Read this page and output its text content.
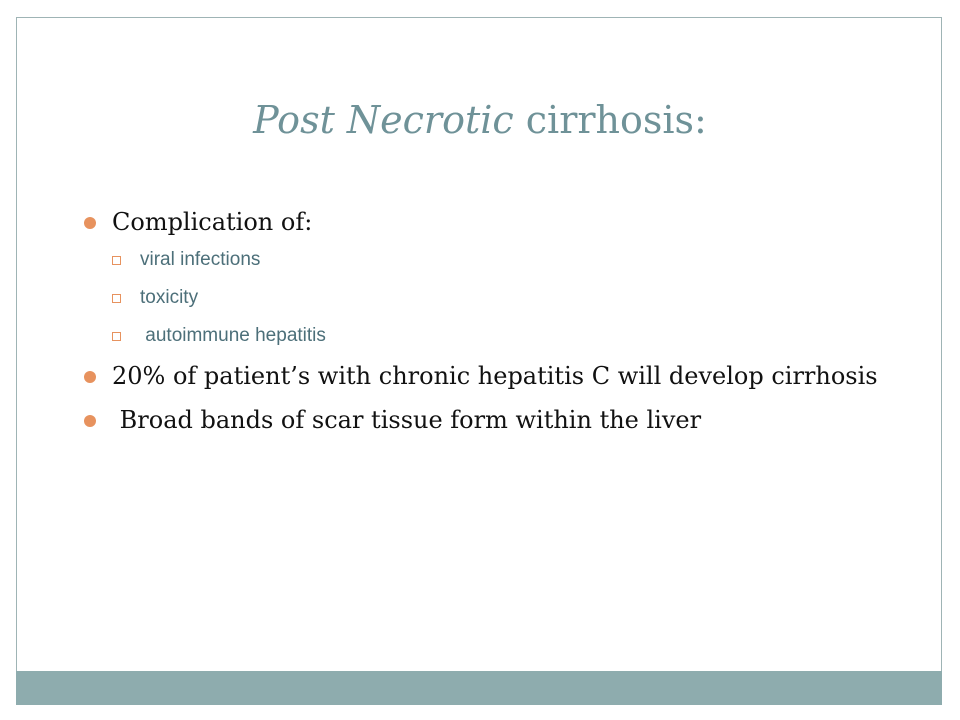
Post Necrotic cirrhosis:
Complication of:
viral infections
toxicity
autoimmune hepatitis
20% of patient’s with chronic hepatitis C will develop cirrhosis
Broad bands of scar tissue form within the liver
